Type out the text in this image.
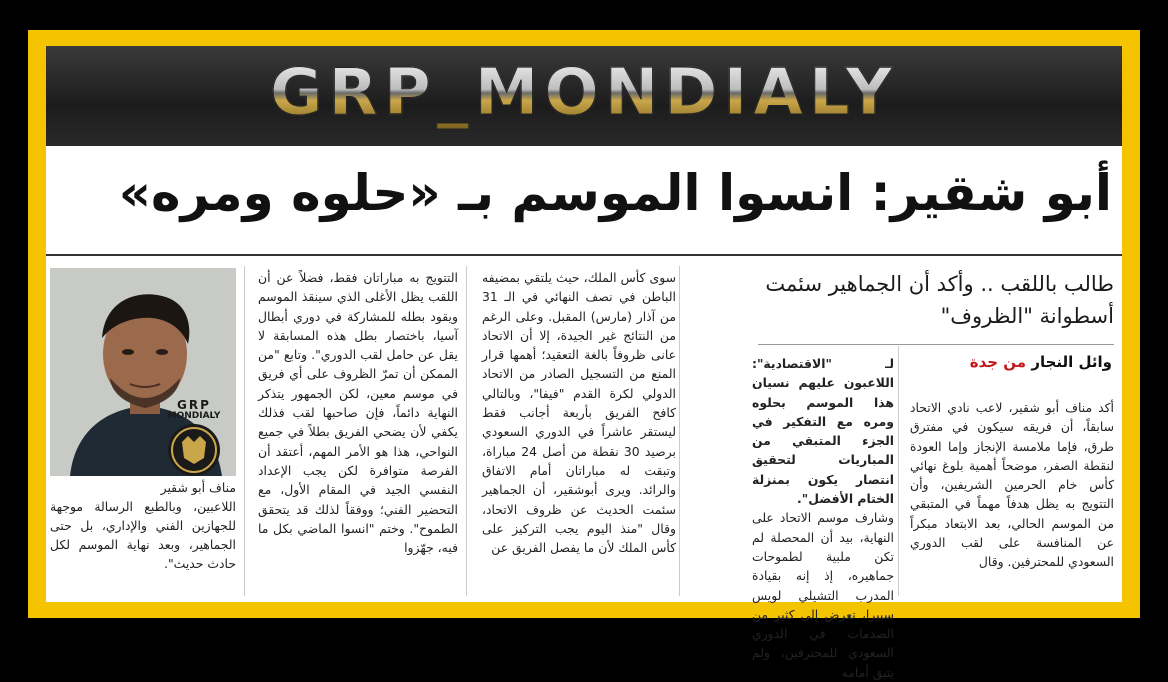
GRP_MONDIALY
أبو شقير: انسوا الموسم بـ «حلوه ومره»
طالب باللقب .. وأكد أن الجماهير سئمت
أسطوانة "الظروف"
وائل النجار من جدة

أكد مناف أبو شقير، لاعب نادي الاتحاد سابقاً، أن فريقه سيكون في مفترق طرق، فإما ملامسة الإنجاز وإما العودة لنقطة الصفر، موضحاً أهمية بلوغ نهائي كأس خام الحرمين الشريفين، وأن التتويج به يظل هدفاً مهماً في المتبقي من الموسم الحالي، بعد الابتعاد مبكراً عن المنافسة على لقب الدوري السعودي للمحترفين. وقال

لـ "الاقتصادية": اللاعبون عليهم نسيان هذا الموسم بحلوه ومره مع التفكير في الجزء المتبقي من المباريات لتحقيق انتصار يكون بمنزلة الختام الأفضل".

وشارف موسم الاتحاد على النهاية، بيد أن المحصلة لم تكن ملبية لطموحات جماهيره، إذ إنه بقيادة المدرب التشيلي لويس سييرا، تعرض إلى كثير من الصدمات في الدوري السعودي للمحترفين، ولم يتبق أمامه

سوى كأس الملك، حيث يلتقي بمضيفه الباطن في نصف النهائي في الـ 31 من آذار (مارس) المقبل. وعلى الرغم من النتائج غير الجيدة، إلا أن الاتحاد عانى ظروفاً بالغة التعقيد؛ أهمها قرار المنع من التسجيل الصادر من الاتحاد الدولي لكرة القدم "فيفا"، وبالتالي كافح الفريق بأربعة أجانب فقط ليستقر عاشراً في الدوري السعودي برصيد 30 نقطة من أصل 24 مباراة، وتبقت له مباراتان أمام الاتفاق والرائد. ويرى أبوشقير، أن الجماهير سئمت الحديث عن ظروف الاتحاد، وقال "منذ اليوم يجب التركيز على كأس الملك لأن ما يفصل الفريق عن

التتويج به مباراتان فقط، فضلاً عن أن اللقب يظل الأغلى الذي سينقذ الموسم ويقود بطله للمشاركة في دوري أبطال آسيا، باختصار بطل هذه المسابقة لا يقل عن حامل لقب الدوري". وتابع "من الممكن أن تمرّ الظروف على أي فريق في موسم معين، لكن الجمهور يتذكر النهاية دائماً، فإن صاحبها لقب فذلك يكفي لأن يضحي الفريق بطلاً في جميع النواحي، هذا هو الأمر المهم، أعتقد أن الفرصة متوافرة لكن يجب الإعداد النفسي الجيد في المقام الأول، مع التحضير الفني؛ ووفقاً لذلك قد يتحقق الطموح". وختم "انسوا الماضي بكل ما فيه، جهّزوا

GRP
MONDIALY
مناف أبو شقير
اللاعبين، وبالطبع الرسالة موجهة للجهازين الفني والإداري، بل حتى الجماهير، وبعد نهاية الموسم لكل حادث حديث".
